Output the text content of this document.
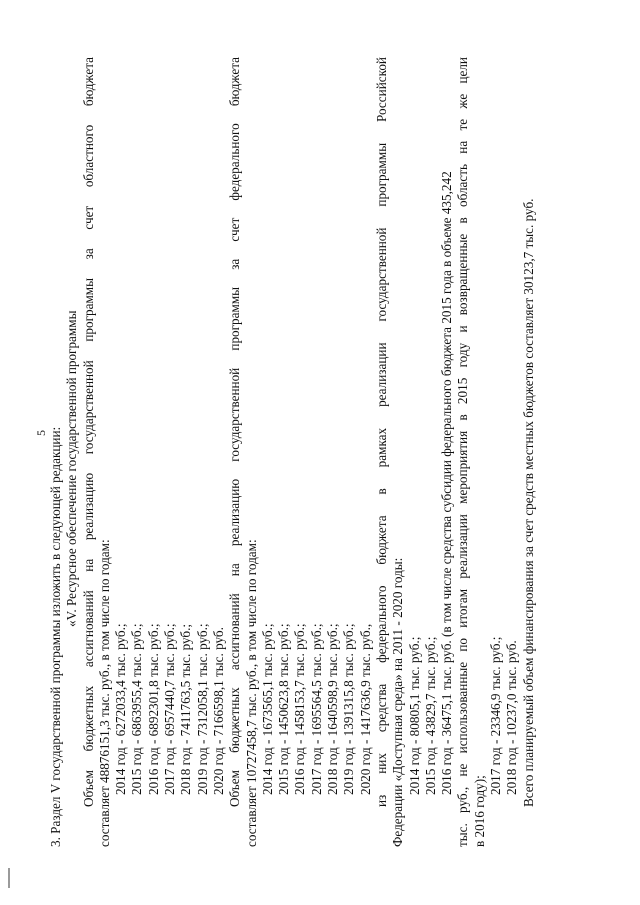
5 3. Раздел V государственной программы изложить в следующей редакции: «V. Ресурсное обеспечение государственной программы Объем бюджетных ассигнований на реализацию государственной программы за счет областного бюджета составляет 48876151,3 тыс. руб., в том числе по годам: 2014 год - 6272033,4 тыс. руб.; 2015 год - 6863955,4 тыс. руб.; 2016 год - 6892301,8 тыс. руб.; 2017 год - 6957440,7 тыс. руб.; 2018 год - 7411763,5 тыс. руб.; 2019 год - 7312058,1 тыс. руб.; 2020 год - 7166598,1 тыс. руб. Объем бюджетных ассигнований на реализацию государственной программы за счет федерального бюджета составляет 10727458,7 тыс. руб., в том числе по годам: 2014 год - 1673565,1 тыс. руб.; 2015 год - 1450623,8 тыс. руб.; 2016 год - 1458153,7 тыс. руб.; 2017 год - 1695564,5 тыс. руб.; 2018 год - 1640598,9 тыс. руб.; 2019 год - 1391315,8 тыс. руб.; 2020 год - 1417636,9 тыс. руб., из них средства федерального бюджета в рамках реализации государственной программы Российской Федерации «Доступная среда» на 2011 - 2020 годы: 2014 год - 80805,1 тыс. руб.; 2015 год - 43829,7 тыс. руб.; 2016 год - 36475,1 тыс. руб. (в том числе средства субсидии федерального бюджета 2015 года в объеме 435,242 тыс. руб., не использованные по итогам реализации мероприятия в 2015 году и возвращенные в область на те же цели в 2016 году);
2017 год - 23346,9 тыс. руб.; 2018 год - 10237,0 тыс. руб. Всего планируемый объем финансирования за счет средств местных бюджетов составляет 30123,7 тыс. руб.
